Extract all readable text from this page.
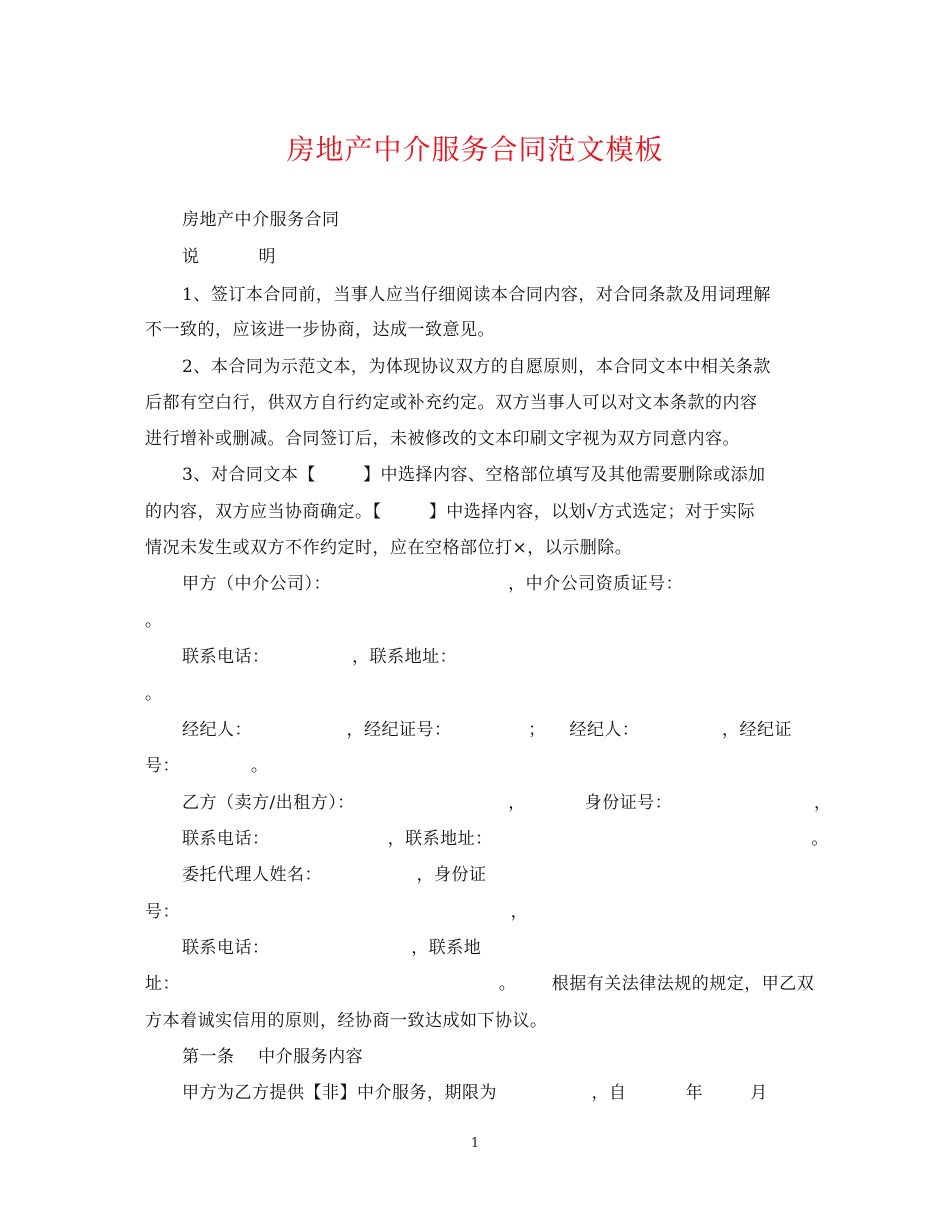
房地产中介服务合同范文模板
房地产中介服务合同
说          明
1、签订本合同前，当事人应当仔细阅读本合同内容，对合同条款及用词理解
不一致的，应该进一步协商，达成一致意见。
2、本合同为示范文本，为体现协议双方的自愿原则，本合同文本中相关条款
后都有空白行，供双方自行约定或补充约定。双方当事人可以对文本条款的内容
进行增补或删减。合同签订后，未被修改的文本印刷文字视为双方同意内容。
3、对合同文本【        】中选择内容、空格部位填写及其他需要删除或添加
的内容，双方应当协商确定。【        】中选择内容，以划√方式选定；对于实际
情况未发生或双方不作约定时，应在空格部位打×，以示删除。
甲方（中介公司）：                              ，中介公司资质证号：
。
联系电话：              ，联系地址：
。
经纪人：                ，经纪证号：             ；    经纪人：              ，经纪证
号：            。
乙方（卖方/出租方）：                          ，          身份证号：                        ，
联系电话：                    ，联系地址：                                                      。
委托代理人姓名：                ，身份证
号：                                                        ，
联系电话：                        ，联系地
址：                                                      。      根据有关法律法规的规定，甲乙双
方本着诚实信用的原则，经协商一致达成如下协议。
第一条    中介服务内容
甲方为乙方提供【非】中介服务，期限为                ，自          年        月
1
